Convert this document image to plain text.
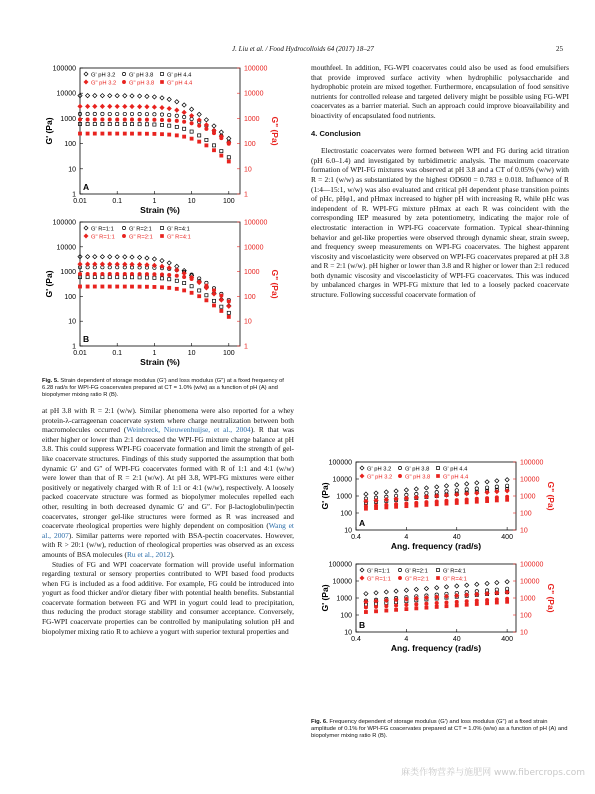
J. Liu et al. / Food Hydrocolloids 64 (2017) 18–27	25
1	1
10	10
100	100
1000	1000
10000	10000
100000	100000
0.01	0.1	1	10	100
Strain (%)
G' (Pa)	G" (Pa)
A
G' pH 3.2 G' pH 3.8 G' pH 4.4
G" pH 3.2 G" pH 3.8 G" pH 4.4
1	1
10	10
100	100
1000	1000
10000	10000
100000	100000
0.01	0.1	1	10	100
Strain (%)
G' (Pa)	G" (Pa)
B
G' R=1:1	G' R=2:1	G' R=4:1
G" R=1:1 G" R=2:1 G" R=4:1
10	10
100	100
1000	1000
10000	10000
100000	100000
0.4	4	40	400
Ang. frequency (rad/s)
G' (Pa)	G" (Pa)
A
G' pH 3.2 G' pH 3.8 G' pH 4.4
G" pH 3.2 G" pH 3.8 G" pH 4.4
10	10
100	100
1000	1000
10000	10000
100000	100000
0.4	4	40	400
Ang. frequency (rad/s)
G' (Pa)	G" (Pa)
B
G' R=1:1	G' R=2:1	G' R=4:1
G" R=1:1 G" R=2:1 G" R=4:1
Fig. 5. Strain dependent of storage modulus (G′) and loss modulus (G″) at a fixed frequency of 6.28 rad/s for WPI-FG coacervates prepared at CT = 1.0% (w/w) as a function of pH (A) and biopolymer mixing ratio R (B).
Fig. 6. Frequency dependent of storage modulus (G′) and loss modulus (G″) at a fixed strain amplitude of 0.1% for WPI-FG coacervates prepared at CT = 1.0% (w/w) as a function of pH (A) and biopolymer mixing ratio R (B).

mouthfeel. In addition, FG-WPI coacervates could also be used as food emulsifiers that provide improved surface activity when hydrophilic polysaccharide and hydrophobic protein are mixed together. Furthermore, encapsulation of food sensitive nutrients for controlled release and targeted delivery might be possible using FG-WPI coacervates as a barrier material. Such an approach could improve bioavailability and bioactivity of encapsulated food nutrients.

4. Conclusion

Electrostatic coacervates were formed between WPI and FG during acid titration (pH 6.0–1.4) and investigated by turbidimetric analysis. The maximum coacervate formation of WPI-FG mixtures was observed at pH 3.8 and a CT of 0.05% (w/w) with R = 2:1 (w/w) as substantiated by the highest OD600 = 0.783 ± 0.018. Influence of R (1:4—15:1, w/w) was also evaluated and critical pH dependent phase transition points of pHc, pHφ1, and pHmax increased to higher pH with increasing R, while pHc was independent of R. WPI-FG mixture pHmax at each R was coincident with the corresponding IEP measured by zeta potentiometry, indicating the major role of electrostatic interaction in WPI-FG coacervate formation. Typical shear-thinning behavior and gel-like properties were observed through dynamic shear, strain sweep, and frequency sweep measurements on WPI-FG coacervates. The highest apparent viscosity and viscoelasticity were observed on WPI-FG coacervates prepared at pH 3.8 and R = 2:1 (w/w). pH higher or lower than 3.8 and R higher or lower than 2:1 reduced both dynamic viscosity and viscoelasticity of WPI-FG coacervates. This was induced by unbalanced charges in WPI-FG mixture that led to a loosely packed coacervate structure. Following successful coacervate formation of

at pH 3.8 with R = 2:1 (w/w). Similar phenomena were also reported for a whey protein-λ-carrageenan coacervate system where charge neutralization between both macromolecules occurred (Weinbreck, Nieuwenhuijse, et al., 2004). R that was either higher or lower than 2:1 decreased the WPI-FG mixture charge balance at pH 3.8. This could suppress WPI-FG coacervate formation and limit the strength of gel-like coacervate structures. Findings of this study supported the assumption that both dynamic G′ and G″ of WPI-FG coacervates formed with R of 1:1 and 4:1 (w/w) were lower than that of R = 2:1 (w/w). At pH 3.8, WPI-FG mixtures were either positively or negatively charged with R of 1:1 or 4:1 (w/w), respectively. A loosely packed coacervate structure was formed as biopolymer molecules repelled each other, resulting in both decreased dynamic G′ and G″. For β-lactoglobulin/pectin coacervates, stronger gel-like structures were formed as R was increased and coacervate rheological properties were highly dependent on composition (Wang et al., 2007). Similar patterns were reported with BSA-pectin coacervates. However, with R > 20:1 (w/w), reduction of rheological properties was observed as an excess amounts of BSA molecules (Ru et al., 2012).

Studies of FG and WPI coacervate formation will provide useful information regarding textural or sensory properties contributed to WPI based food products when FG is included as a food additive. For example, FG could be introduced into yogurt as food thicker and/or dietary fiber with potential health benefits. Substantial coacervate formation between FG and WPI in yogurt could lead to precipitation, thus reducing the product storage stability and consumer acceptance. Conversely, FG-WPI coacervate properties can be controlled by manipulating solution pH and biopolymer mixing ratio R to achieve a yogurt with superior textural properties and

麻类作物营养与施肥网 www.fibercrops.com
